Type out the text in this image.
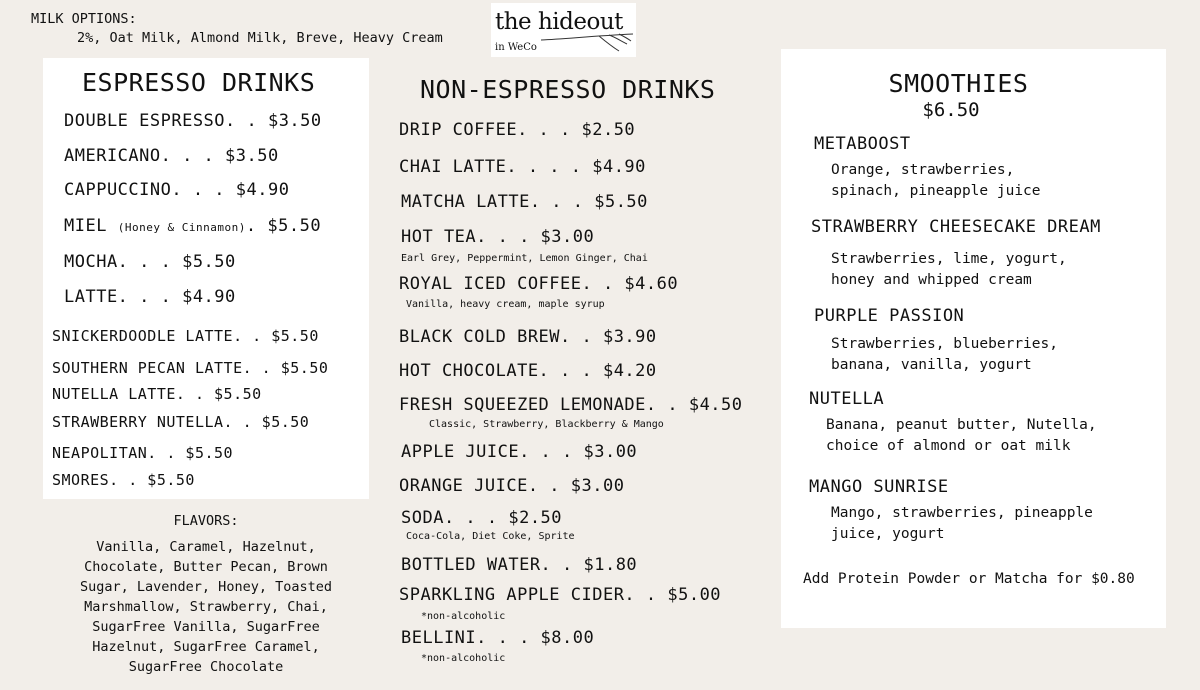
MILK OPTIONS:
2%, Oat Milk, Almond Milk, Breve, Heavy Cream
the hideout
in WeCo
ESPRESSO DRINKS
DOUBLE ESPRESSO. . $3.50
AMERICANO. . . $3.50
CAPPUCCINO. . . $4.90
MIEL (Honey & Cinnamon). $5.50
MOCHA. . . $5.50
LATTE. . . $4.90
SNICKERDOODLE LATTE. . $5.50
SOUTHERN PECAN LATTE. . $5.50
NUTELLA LATTE. . $5.50
STRAWBERRY NUTELLA. . $5.50
NEAPOLITAN. . $5.50
SMORES. . $5.50
FLAVORS:
Vanilla, Caramel, Hazelnut,
Chocolate, Butter Pecan, Brown
Sugar, Lavender, Honey, Toasted
Marshmallow, Strawberry, Chai,
SugarFree Vanilla, SugarFree
Hazelnut, SugarFree Caramel,
SugarFree Chocolate
NON-ESPRESSO DRINKS
DRIP COFFEE. . . $2.50
CHAI LATTE. . . . $4.90
MATCHA LATTE. . . $5.50
HOT TEA. . . $3.00
Earl Grey, Peppermint, Lemon Ginger, Chai
ROYAL ICED COFFEE. . $4.60
Vanilla, heavy cream, maple syrup
BLACK COLD BREW. . $3.90
HOT CHOCOLATE. . . $4.20
FRESH SQUEEZED LEMONADE. . $4.50
Classic, Strawberry, Blackberry & Mango
APPLE JUICE. . . $3.00
ORANGE JUICE. . $3.00
SODA. . . $2.50
Coca-Cola, Diet Coke, Sprite
BOTTLED WATER. . $1.80
SPARKLING APPLE CIDER. . $5.00
*non-alcoholic
BELLINI. . . $8.00
*non-alcoholic
SMOOTHIES
$6.50
METABOOST
Orange, strawberries, spinach, pineapple juice
STRAWBERRY CHEESECAKE DREAM
Strawberries, lime, yogurt, honey and whipped cream
PURPLE PASSION
Strawberries, blueberries, banana, vanilla, yogurt
NUTELLA
Banana, peanut butter, Nutella, choice of almond or oat milk
MANGO SUNRISE
Mango, strawberries, pineapple juice, yogurt
Add Protein Powder or Matcha for $0.80
